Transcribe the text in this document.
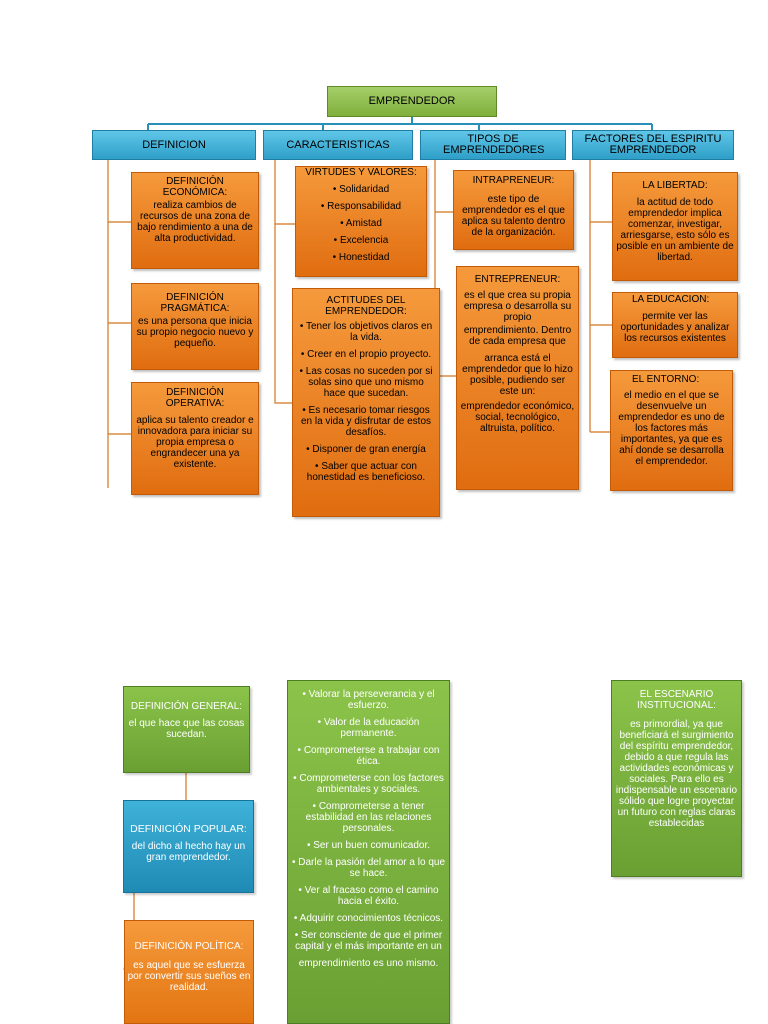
EMPRENDEDOR
DEFINICION	CARACTERISTICAS	TIPOS DE EMPRENDEDORES
FACTORES DEL ESPIRITU EMPRENDEDOR
DEFINICIÓN ECONÓMICA:
realiza cambios de recursos de una zona de bajo rendimiento a una de alta productividad.
DEFINICIÓN PRAGMÁTICA:
es una persona que inicia su propio negocio nuevo y pequeño.
DEFINICIÓN OPERATIVA:
aplica su talento creador e innovadora para iniciar su propia empresa o engrandecer una ya existente.
VIRTUDES Y VALORES:
• Solidaridad
• Responsabilidad
• Amistad
• Excelencia
• Honestidad
ACTITUDES DEL EMPRENDEDOR:
• Tener los objetivos claros en la vida.
• Creer en el propio proyecto.
• Las cosas no suceden por si solas sino que uno mismo hace que sucedan.
• Es necesario tomar riesgos en la vida y disfrutar de estos desafíos.
• Disponer de gran energía
• Saber que actuar con honestidad es beneficioso.
INTRAPRENEUR:
este tipo de emprendedor es el que aplica su talento dentro de la organización.
ENTREPRENEUR:
es el que crea su propia empresa o desarrolla su propio
emprendimiento. Dentro de cada empresa que
arranca está el emprendedor que lo hizo posible, pudiendo ser este un:
emprendedor económico, social, tecnológico, altruista, político.
LA LIBERTAD:
la actitud de todo emprendedor implica comenzar, investigar, arriesgarse, esto sólo es posible en un ambiente de libertad.
LA EDUCACION:
permite ver las oportunidades y analizar los recursos existentes
EL ENTORNO:
el medio en el que se desenvuelve un emprendedor es uno de los factores más importantes, ya que es ahí donde se desarrolla el emprendedor.
DEFINICIÓN GENERAL:
el que hace que las cosas sucedan.
DEFINICIÓN POPULAR:
del dicho al hecho hay un gran emprendedor.
DEFINICIÓN POLÍTICA:
es aquel que se esfuerza por convertir sus sueños en realidad.
• Valorar la perseverancia y el esfuerzo.
• Valor de la educación permanente.
• Comprometerse a trabajar con ética.
• Comprometerse con los factores ambientales y sociales.
• Comprometerse a tener estabilidad en las relaciones personales.
• Ser un buen comunicador.
• Darle la pasión del amor a lo que se hace.
• Ver al fracaso como el camino hacia el éxito.
• Adquirir conocimientos técnicos.
• Ser consciente de que el primer capital y el más importante en un
emprendimiento es uno mismo.
EL ESCENARIO INSTITUCIONAL:
es primordial, ya que beneficiará el surgimiento del espíritu emprendedor, debido a que regula las actividades económicas y sociales. Para ello es indispensable un escenario sólido que logre proyectar un futuro con reglas claras establecidas
